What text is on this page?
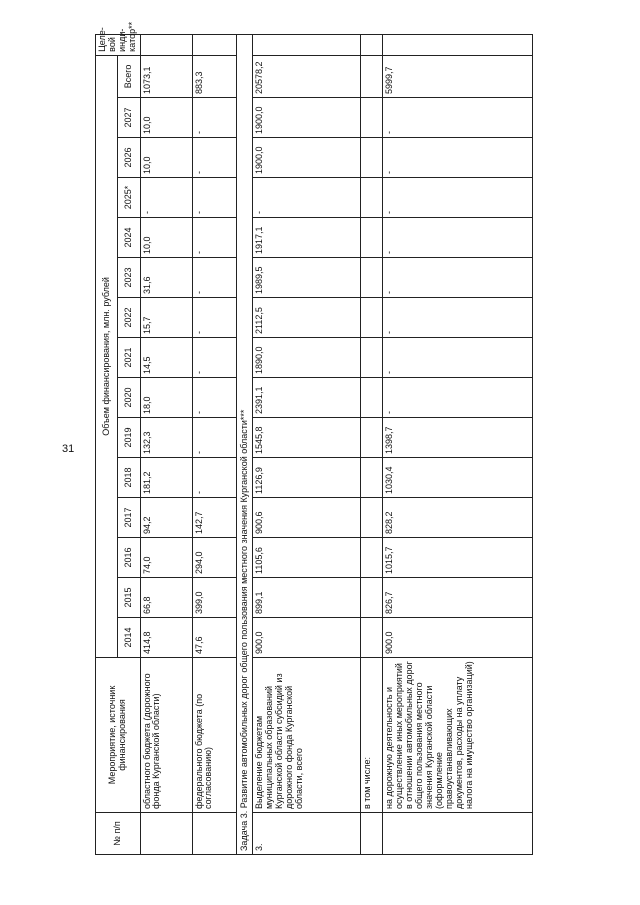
31
№ п/п	Мероприятие, источник финансирования	Объем финансирования, млн. рублей															Целе-вой инди-катор**
		2014	2015	2016	2017	2018	2019	2020	2021	2022	2023	2024	2025*	2026	2027	Всего	
	областного бюджета (дорожного фонда Курганской области)	414,8	66,8	74,0	94,2	181,2	132,3	18,0	14,5	15,7	31,6	10,0	-	10,0	10,0	1073,1	
	федерального бюджета (по согласованию)	47,6	399,0	294,0	142,7	-	-	-	-	-	-	-	-	-	-	883,3	
Задача 3. Развитие автомобильных дорог общего пользования местного значения Курганской области***																	
3.	Выделение бюджетам муниципальных образований Курганской области субсидий из дорожного фонда Курганской области, всего	900,0	899,1	1105,6	900,6	1126,9	1545,8	2391,1	1890,0	2112,5	1989,5	1917,1	-	1900,0	1900,0	20578,2	
	в том числе:																
	на дорожную деятельность и осуществление иных мероприятий в отношении автомобильных дорог общего пользования местного значения Курганской области (оформление правоустанавливающих документов, расходы на уплату налога на имущество организаций)	900,0	826,7	1015,7	828,2	1030,4	1398,7	-	-	-	-	-	-	-	-	5999,7	
